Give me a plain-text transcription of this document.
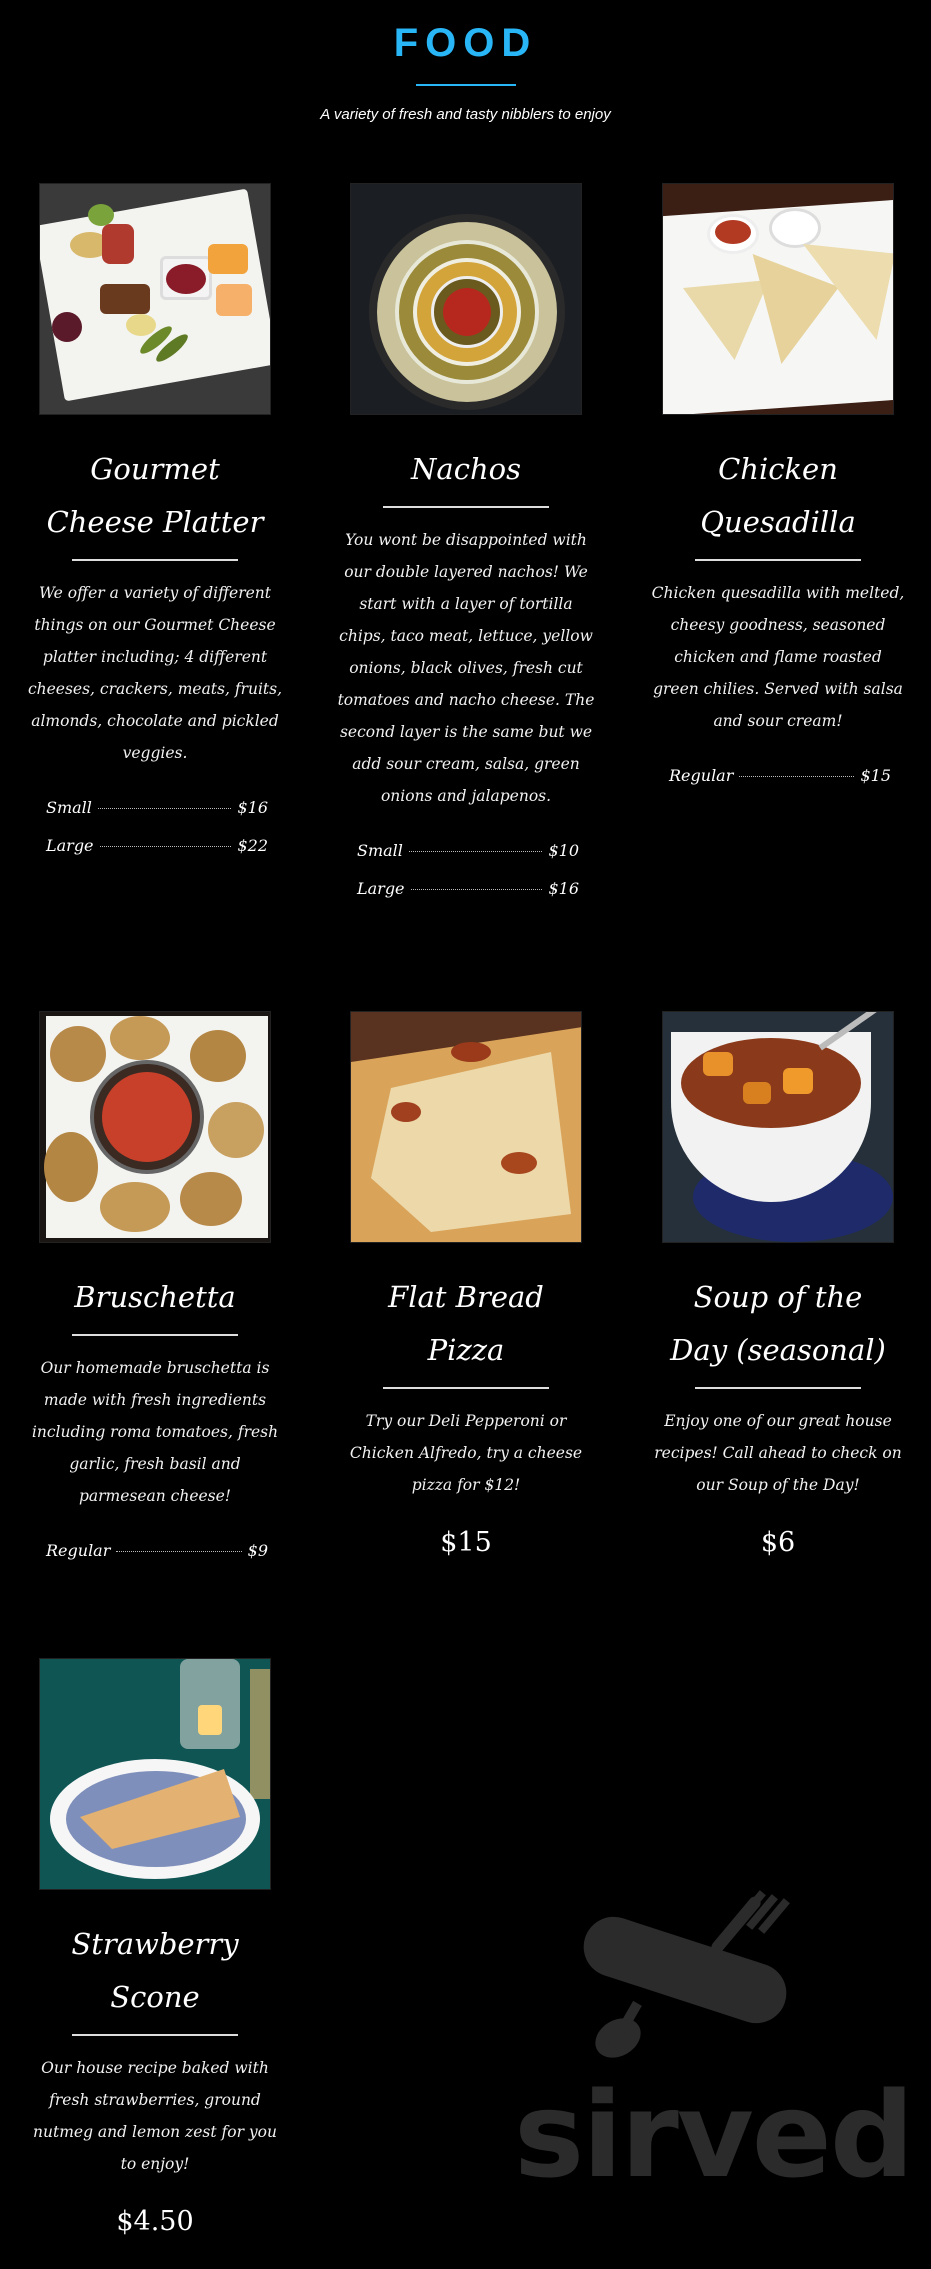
FOOD

A variety of fresh and tasty nibblers to enjoy

Gourmet Cheese Platter
We offer a variety of different things on our Gourmet Cheese platter including; 4 different cheeses, crackers, meats, fruits, almonds, chocolate and pickled veggies.
Small	$16
Large	$22
Nachos
You wont be disappointed with our double layered nachos! We start with a layer of tortilla chips, taco meat, lettuce, yellow onions, black olives, fresh cut tomatoes and nacho cheese. The second layer is the same but we add sour cream, salsa, green onions and jalapenos.
Small	$10
Large	$16
Chicken Quesadilla
Chicken quesadilla with melted, cheesy goodness, seasoned chicken and flame roasted green chilies. Served with salsa and sour cream!
Regular	$15
Bruschetta
Our homemade bruschetta is made with fresh ingredients including roma tomatoes, fresh garlic, fresh basil and parmesean cheese!
Regular	$9
Flat Bread Pizza
Try our Deli Pepperoni or Chicken Alfredo, try a cheese pizza for $12!
$15
Soup of the Day (seasonal)
Enjoy one of our great house recipes! Call ahead to check on our Soup of the Day!
$6
Strawberry Scone
Our house recipe baked with fresh strawberries, ground nutmeg and lemon zest for you to enjoy!
$4.50
sirved
